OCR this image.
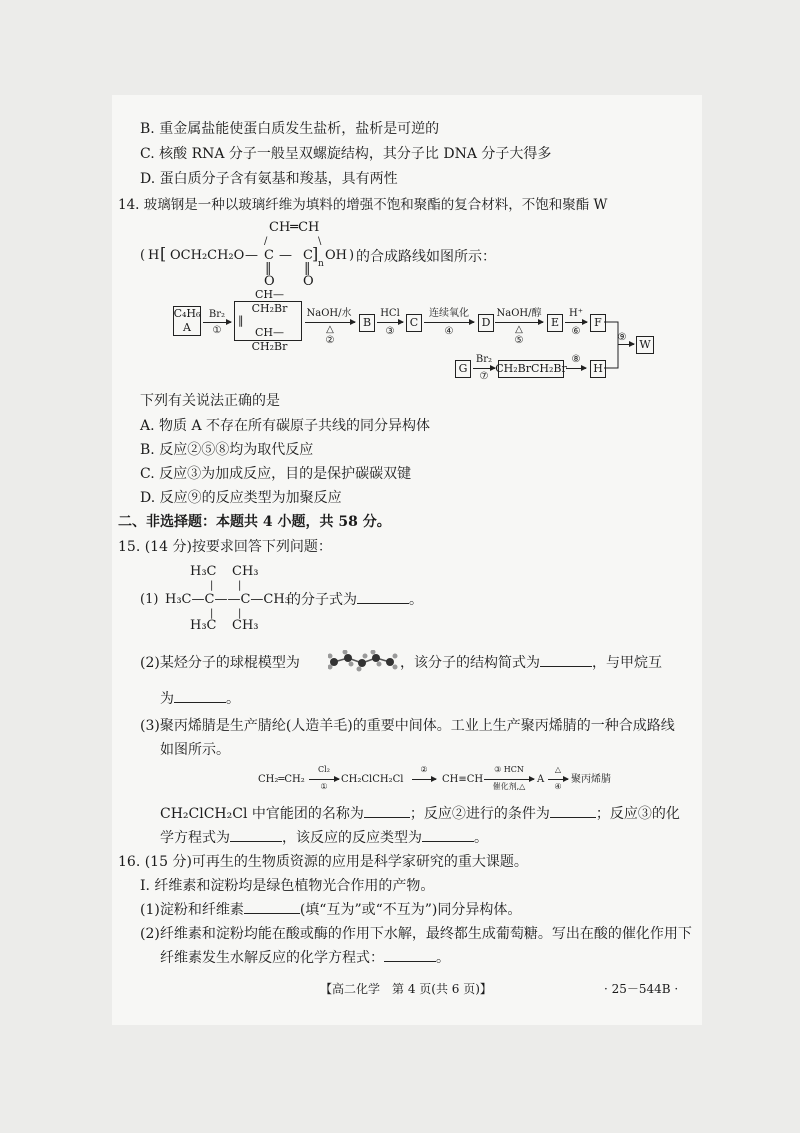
B. 重金属盐能使蛋白质发生盐析，盐析是可逆的
C. 核酸 RNA 分子一般呈双螺旋结构，其分子比 DNA 分子大得多
D. 蛋白质分子含有氨基和羧基，具有两性
14. 玻璃钢是一种以玻璃纤维为填料的增强不饱和聚酯的复合材料，不饱和聚酯 W
CH═CH
/	\
( H [ OCH₂CH₂O — C — C ]
n
OH )
‖	‖
O O
的合成路线如图所示：
C₄H₆
A
Br₂
①
CH—CH₂Br
‖
CH—CH₂Br
NaOH/水
△
②
B
HCl
③
C
连续氧化
④
D
NaOH/醇
△
⑤
E
H⁺
⑥
F
G
Br₂
⑦
CH₂BrCH₂Br
⑧
H
⑨
W
下列有关说法正确的是
A. 物质 A 不存在所有碳原子共线的同分异构体
B. 反应②⑤⑧均为取代反应
C. 反应③为加成反应，目的是保护碳碳双键
D. 反应⑨的反应类型为加聚反应
二、非选择题：本题共 4 小题，共 58 分。
15. (14 分)按要求回答下列问题：
H₃C CH₃
| |
(1) H₃C—C——C—CH₃
| |
H₃C CH₃
的分子式为	。
(2)某烃分子的球棍模型为	，该分子的结构简式为	，与甲烷互
为	。
(3)聚丙烯腈是生产腈纶(人造羊毛)的重要中间体。工业上生产聚丙烯腈的一种合成路线
如图所示。
CH₂═CH₂
Cl₂
①
CH₂ClCH₂Cl
②
CH≡CH
③ HCN
催化剂,△
A
△
④
聚丙烯腈
CH₂ClCH₂Cl 中官能团的名称为	；反应②进行的条件为	；反应③的化
学方程式为	，该反应的反应类型为	。
16. (15 分)可再生的生物质资源的应用是科学家研究的重大课题。
Ⅰ. 纤维素和淀粉均是绿色植物光合作用的产物。
(1)淀粉和纤维素	(填“互为”或“不互为”)同分异构体。
(2)纤维素和淀粉均能在酸或酶的作用下水解，最终都生成葡萄糖。写出在酸的催化作用下
纤维素发生水解反应的化学方程式：	。
【高二化学　第 4 页(共 6 页)】	· 25－544B ·
